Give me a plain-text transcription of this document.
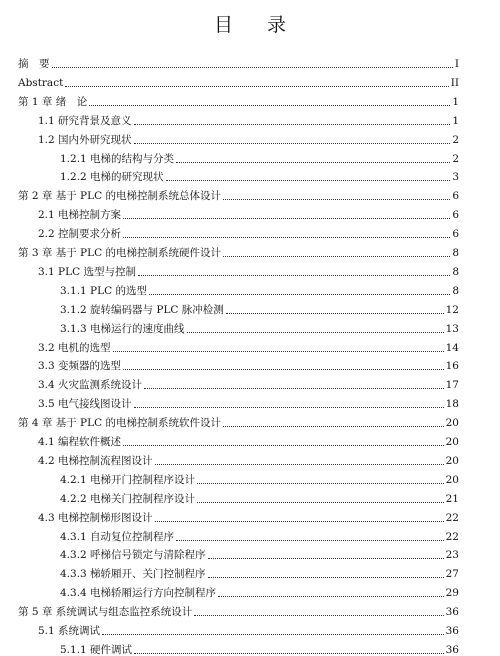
目 录
摘　要	I
Abstract	II
第 1 章 绪　论	1
1.1 研究背景及意义	1
1.2 国内外研究现状	2
1.2.1 电梯的结构与分类	2
1.2.2 电梯的研究现状	3
第 2 章 基于 PLC 的电梯控制系统总体设计	6
2.1 电梯控制方案	6
2.2 控制要求分析	6
第 3 章 基于 PLC 的电梯控制系统硬件设计	8
3.1 PLC 选型与控制	8
3.1.1 PLC 的选型	8
3.1.2 旋转编码器与 PLC 脉冲检测	12
3.1.3 电梯运行的速度曲线	13
3.2 电机的选型	14
3.3 变频器的选型	16
3.4 火灾监测系统设计	17
3.5 电气接线图设计	18
第 4 章 基于 PLC 的电梯控制系统软件设计	20
4.1 编程软件概述	20
4.2 电梯控制流程图设计	20
4.2.1 电梯开门控制程序设计	20
4.2.2 电梯关门控制程序设计	21
4.3 电梯控制梯形图设计	22
4.3.1 自动复位控制程序	22
4.3.2 呼梯信号锁定与清除程序	23
4.3.3 梯轿厢开、关门控制程序	27
4.3.4 电梯轿厢运行方向控制程序	29
第 5 章 系统调试与组态监控系统设计	36
5.1 系统调试	36
5.1.1 硬件调试	36
